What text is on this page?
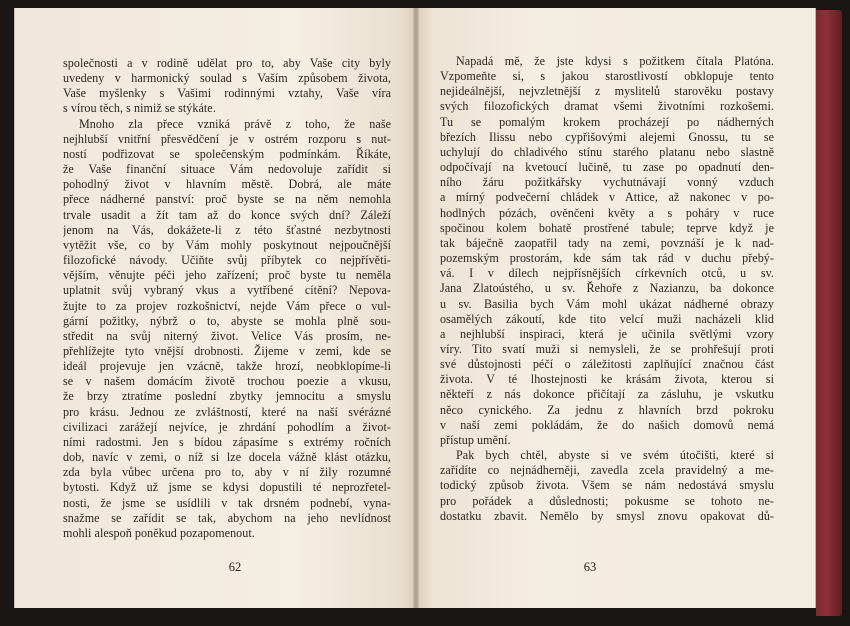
společnosti a v rodině udělat pro to, aby Vaše city byly
uvedeny v harmonický soulad s Vaším způsobem života,
Vaše myšlenky s Vašimi rodinnými vztahy, Vaše víra
s vírou těch, s nimiž se stýkáte.
Mnoho zla přece vzniká právě z toho, že naše
nejhlubší vnitřní přesvědčení je v ostrém rozporu s nut-
ností podřizovat se společenským podmínkám. Říkáte,
že Vaše finanční situace Vám nedovoluje zařídit si
pohodlný život v hlavním městě. Dobrá, ale máte
přece nádherné panství: proč byste se na něm nemohla
trvale usadit a žít tam až do konce svých dní? Záleží
jenom na Vás, dokážete-li z této šťastné nezbytnosti
vytěžit vše, co by Vám mohly poskytnout nejpoučnější
filozofické návody. Učiňte svůj příbytek co nejpřívěti-
vějším, věnujte péči jeho zařízení; proč byste tu neměla
uplatnit svůj vybraný vkus a vytříbené cítění? Nepova-
žujte to za projev rozkošnictví, nejde Vám přece o vul-
gární požitky, nýbrž o to, abyste se mohla plně sou-
středit na svůj niterný život. Velice Vás prosím, ne-
přehlížejte tyto vnější drobnosti. Žijeme v zemi, kde se
ideál projevuje jen vzácně, takže hrozí, neobklopíme-li
se v našem domácím životě trochou poezie a vkusu,
že brzy ztratíme poslední zbytky jemnocitu a smyslu
pro krásu. Jednou ze zvláštností, které na naší svérázné
civilizaci zarážejí nejvíce, je zhrdání pohodlím a život-
ními radostmi. Jen s bídou zápasíme s extrémy ročních
dob, navíc v zemi, o níž si lze docela vážně klást otázku,
zda byla vůbec určena pro to, aby v ní žily rozumné
bytosti. Když už jsme se kdysi dopustili té neprozřetel-
nosti, že jsme se usídlili v tak drsném podnebí, vyna-
snažme se zařídit se tak, abychom na jeho nevlídnost
mohli alespoň poněkud pozapomenout.
62
Napadá mě, že jste kdysi s požitkem čítala Platóna.
Vzpomeňte si, s jakou starostlivostí obklopuje tento
nejideálnější, nejvzletnější z myslitelů starověku postavy
svých filozofických dramat všemi životními rozkošemi.
Tu se pomalým krokem procházejí po nádherných
březích Ilissu nebo cypřišovými alejemi Gnossu, tu se
uchylují do chladivého stínu starého platanu nebo slastně
odpočívají na kvetoucí lučině, tu zase po opadnutí den-
ního žáru požitkářsky vychutnávají vonný vzduch
a mírný podvečerní chládek v Attice, až nakonec v po-
hodlných pózách, ověnčeni květy a s poháry v ruce
spočinou kolem bohatě prostřené tabule; teprve když je
tak báječně zaopatřil tady na zemi, povznáší je k nad-
pozemským prostorám, kde sám tak rád v duchu přebý-
vá. I v dílech nejpřísnějších církevních otců, u sv.
Jana Zlatoústého, u sv. Řehoře z Nazianzu, ba dokonce
u sv. Basilia bych Vám mohl ukázat nádherné obrazy
osamělých zákoutí, kde tito velcí muži nacházeli klid
a nejhlubší inspiraci, která je učinila světlými vzory
víry. Tito svatí muži si nemysleli, že se prohřešují proti
své důstojnosti péčí o záležitosti zaplňující značnou část
života. V té lhostejnosti ke krásám života, kterou si
někteří z nás dokonce přičítají za zásluhu, je vskutku
něco cynického. Za jednu z hlavních brzd pokroku
v naší zemi pokládám, že do našich domovů nemá
přístup umění.
Pak bych chtěl, abyste si ve svém útočišti, které si
zařídíte co nejnádherněji, zavedla zcela pravidelný a me-
todický způsob života. Všem se nám nedostává smyslu
pro pořádek a důslednosti; pokusme se tohoto ne-
dostatku zbavit. Nemělo by smysl znovu opakovat dů-
63
